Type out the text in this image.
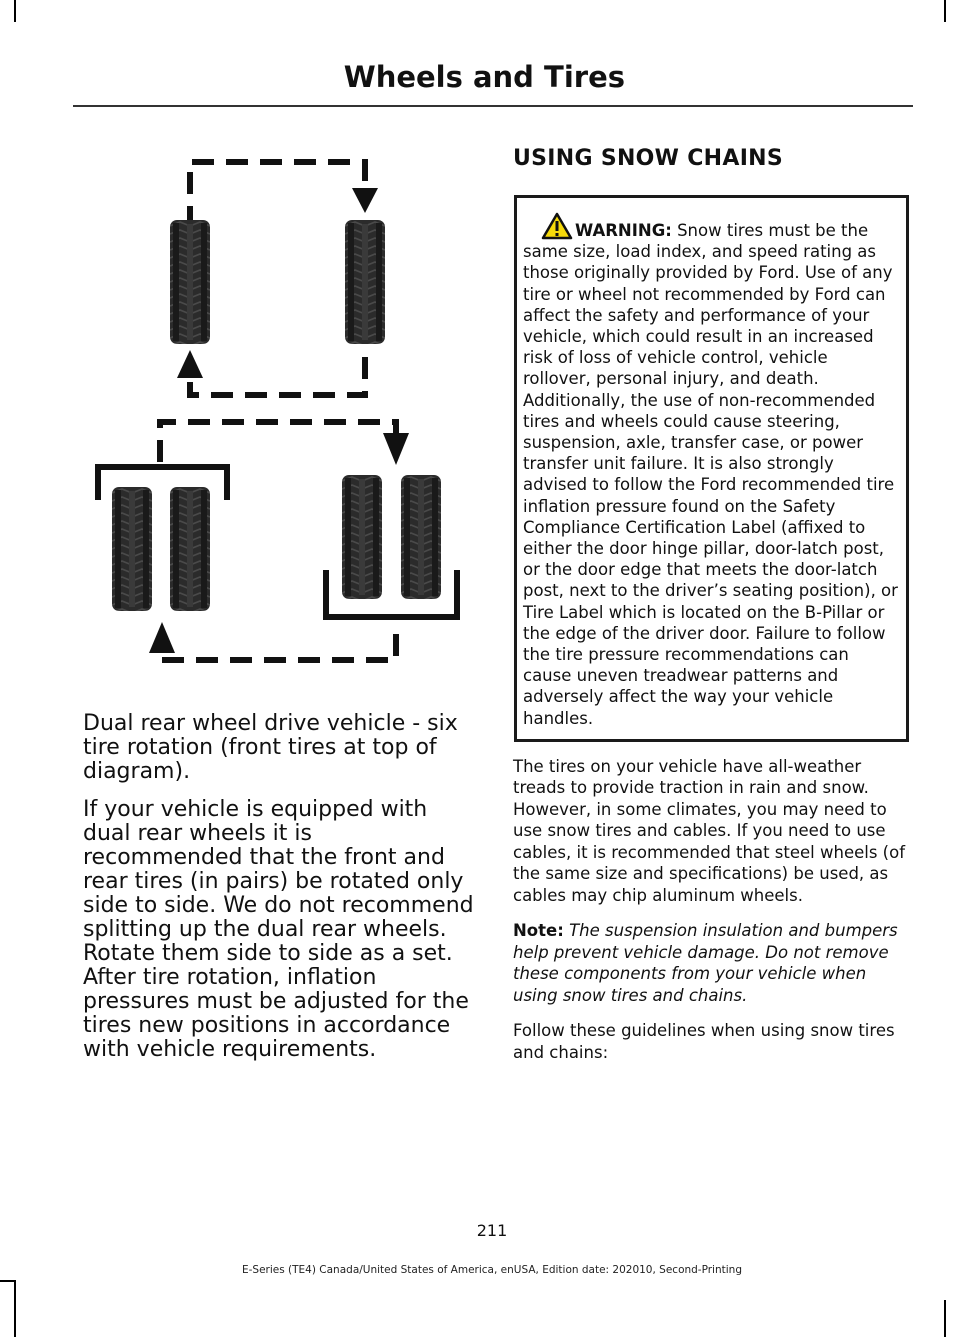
Wheels and Tires

Dual rear wheel drive vehicle - six tire rotation (front tires at top of diagram).

If your vehicle is equipped with dual rear wheels it is recommended that the front and rear tires (in pairs) be rotated only side to side. We do not recommend splitting up the dual rear wheels. Rotate them side to side as a set. After tire rotation, inflation pressures must be adjusted for the tires new positions in accordance with vehicle requirements.

USING SNOW CHAINS
WARNING: Snow tires must be the same size, load index, and speed rating as those originally provided by Ford. Use of any tire or wheel not recommended by Ford can affect the safety and performance of your vehicle, which could result in an increased risk of loss of vehicle control, vehicle rollover, personal injury, and death. Additionally, the use of non-recommended tires and wheels could cause steering, suspension, axle, transfer case, or power transfer unit failure. It is also strongly advised to follow the Ford recommended tire inflation pressure found on the Safety Compliance Certification Label (affixed to either the door hinge pillar, door-latch post, or the door edge that meets the door-latch post, next to the driver’s seating position), or Tire Label which is located on the B-Pillar or the edge of the driver door. Failure to follow the tire pressure recommendations can cause uneven treadwear patterns and adversely affect the way your vehicle handles.

The tires on your vehicle have all-weather treads to provide traction in rain and snow. However, in some climates, you may need to use snow tires and cables. If you need to use cables, it is recommended that steel wheels (of the same size and specifications) be used, as cables may chip aluminum wheels.

Note: The suspension insulation and bumpers help prevent vehicle damage. Do not remove these components from your vehicle when using snow tires and chains.

Follow these guidelines when using snow tires and chains:

211
E-Series (TE4) Canada/United States of America, enUSA, Edition date: 202010, Second-Printing
